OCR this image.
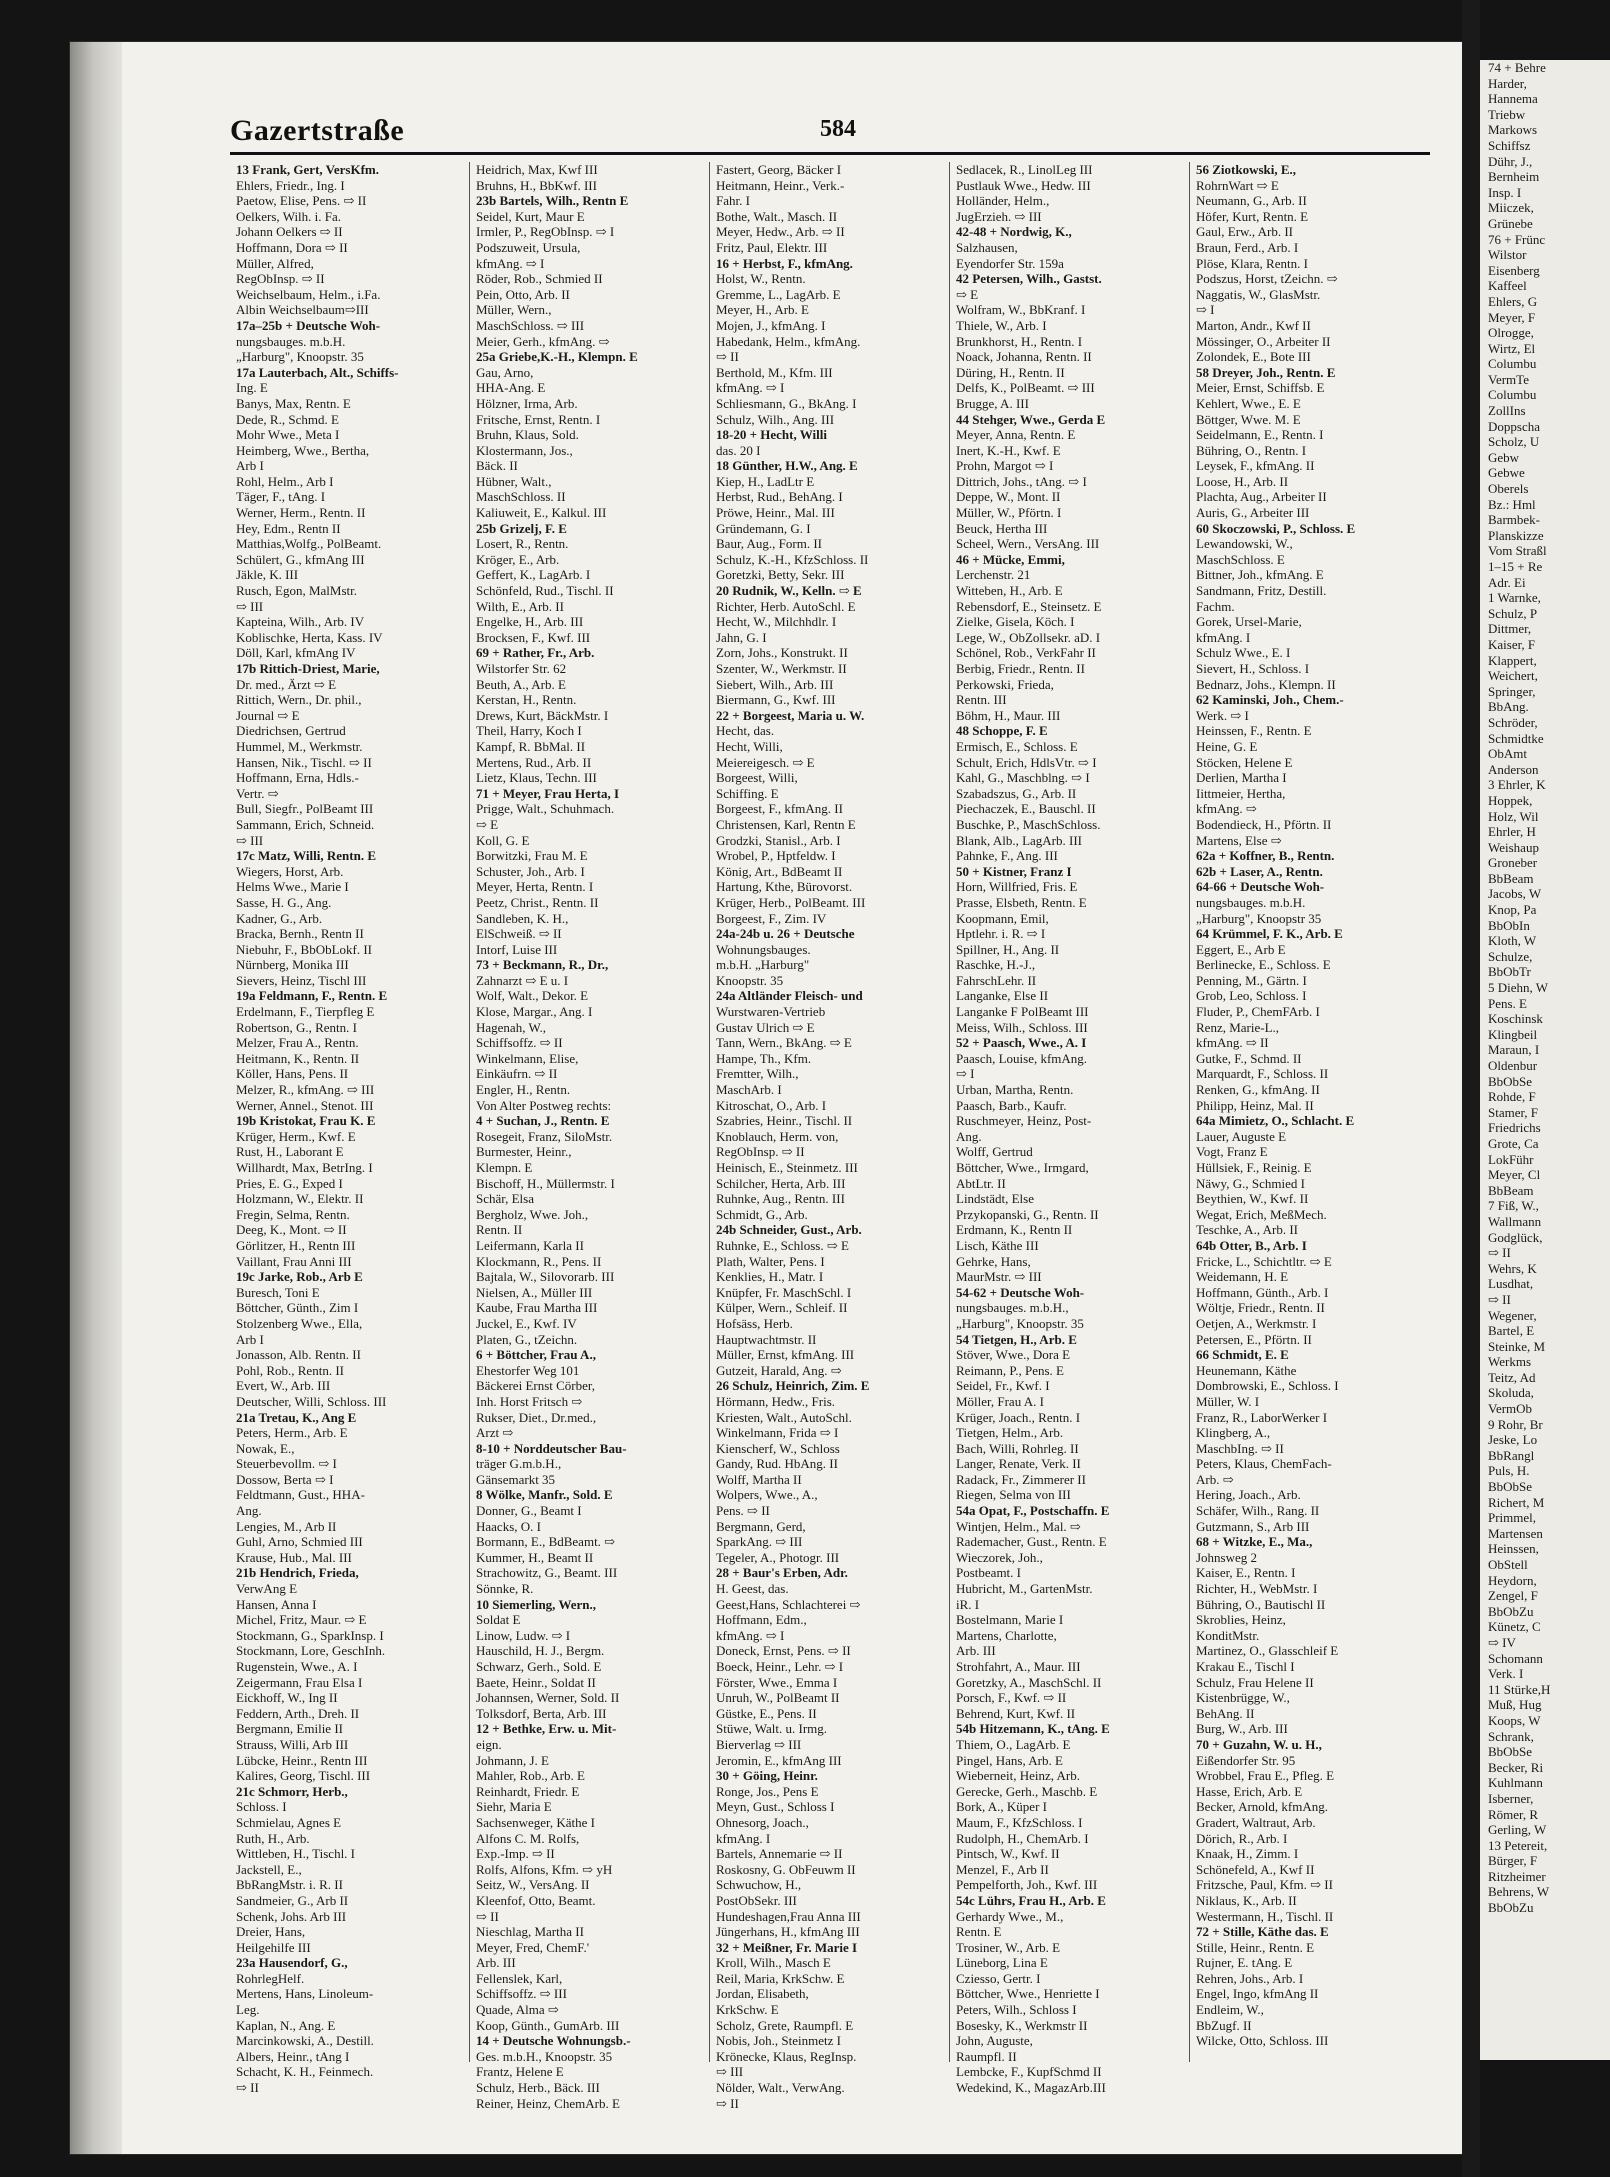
74 + Behre
Harder,
Hannema
Triebw
Markows
Schiffsz
Dühr, J.,
Bernheim
Insp. I
Miiczek,
Grünebe
76 + Frünc
Wilstor
Eisenberg
Kaffeel
Ehlers, G
Meyer, F
Olrogge,
Wirtz, El
Columbu
VermTe
Columbu
ZollIns
Doppscha
Scholz, U
Gebw
Gebwe
Oberels
Bz.: Hml
Barmbek-
Planskizze
Vom Straßl
1–15 + Re
Adr. Ei
1 Warnke,
Schulz, P
Dittmer,
Kaiser, F
Klappert,
Weichert,
Springer,
BbAng.
Schröder,
Schmidtke
ObAmt
Anderson
3 Ehrler, K
Hoppek,
Holz, Wil
Ehrler, H
Weishaup
Groneber
BbBeam
Jacobs, W
Knop, Pa
BbObIn
Kloth, W
Schulze,
BbObTr
5 Diehn, W
Pens. E
Koschinsk
Klingbeil
Maraun, I
Oldenbur
BbObSe
Rohde, F
Stamer, F
Friedrichs
Grote, Ca
LokFühr
Meyer, Cl
BbBeam
7 Fiß, W.,
Wallmann
Godglück,
⇨ II
Wehrs, K
Lusdhat,
⇨ II
Wegener,
Bartel, E
Steinke, M
Werkms
Teitz, Ad
Skoluda,
VermOb
9 Rohr, Br
Jeske, Lo
BbRangl
Puls, H.
BbObSe
Richert, M
Primmel,
Martensen
Heinssen,
ObStell
Heydorn,
Zengel, F
BbObZu
Künetz, C
⇨ IV
Schomann
Verk. I
11 Stürke,H
Muß, Hug
Koops, W
Schrank,
BbObSe
Becker, Ri
Kuhlmann
Isberner,
Römer, R
Gerling, W
13 Petereit,
Bürger, F
Ritzheimer
Behrens, W
BbObZu
Gazertstraße	584
13 Frank, Gert, VersKfm.
Ehlers, Friedr., Ing. I
Paetow, Elise, Pens. ⇨ II
Oelkers, Wilh. i. Fa.
Johann Oelkers ⇨ II
Hoffmann, Dora ⇨ II
Müller, Alfred,
RegObInsp. ⇨ II
Weichselbaum, Helm., i.Fa.
Albin Weichselbaum⇨III
17a–25b + Deutsche Woh-
nungsbauges. m.b.H.
„Harburg", Knoopstr. 35
17a Lauterbach, Alt., Schiffs-
Ing. E
Banys, Max, Rentn. E
Dede, R., Schmd. E
Mohr Wwe., Meta I
Heimberg, Wwe., Bertha,
Arb I
Rohl, Helm., Arb I
Täger, F., tAng. I
Werner, Herm., Rentn. II
Hey, Edm., Rentn II
Matthias,Wolfg., PolBeamt.
Schülert, G., kfmAng III
Jäkle, K. III
Rusch, Egon, MalMstr.
⇨ III
Kapteina, Wilh., Arb. IV
Koblischke, Herta, Kass. IV
Döll, Karl, kfmAng IV
17b Rittich-Driest, Marie,
Dr. med., Ärzt ⇨ E
Rittich, Wern., Dr. phil.,
Journal ⇨ E
Diedrichsen, Gertrud
Hummel, M., Werkmstr.
Hansen, Nik., Tischl. ⇨ II
Hoffmann, Erna, Hdls.-
Vertr. ⇨
Bull, Siegfr., PolBeamt III
Sammann, Erich, Schneid.
⇨ III
17c Matz, Willi, Rentn. E
Wiegers, Horst, Arb.
Helms Wwe., Marie I
Sasse, H. G., Ang.
Kadner, G., Arb.
Bracka, Bernh., Rentn II
Niebuhr, F., BbObLokf. II
Nürnberg, Monika III
Sievers, Heinz, Tischl III
19a Feldmann, F., Rentn. E
Erdelmann, F., Tierpfleg E
Robertson, G., Rentn. I
Melzer, Frau A., Rentn.
Heitmann, K., Rentn. II
Köller, Hans, Pens. II
Melzer, R., kfmAng. ⇨ III
Werner, Annel., Stenot. III
19b Kristokat, Frau K. E
Krüger, Herm., Kwf. E
Rust, H., Laborant E
Willhardt, Max, BetrIng. I
Pries, E. G., Exped I
Holzmann, W., Elektr. II
Fregin, Selma, Rentn.
Deeg, K., Mont. ⇨ II
Görlitzer, H., Rentn III
Vaillant, Frau Anni III
19c Jarke, Rob., Arb E
Buresch, Toni E
Böttcher, Günth., Zim I
Stolzenberg Wwe., Ella,
Arb I
Jonasson, Alb. Rentn. II
Pohl, Rob., Rentn. II
Evert, W., Arb. III
Deutscher, Willi, Schloss. III
21a Tretau, K., Ang E
Peters, Herm., Arb. E
Nowak, E.,
Steuerbevollm. ⇨ I
Dossow, Berta ⇨ I
Feldtmann, Gust., HHA-
Ang.
Lengies, M., Arb II
Guhl, Arno, Schmied III
Krause, Hub., Mal. III
21b Hendrich, Frieda,
VerwAng E
Hansen, Anna I
Michel, Fritz, Maur. ⇨ E
Stockmann, G., SparkInsp. I
Stockmann, Lore, GeschInh.
Rugenstein, Wwe., A. I
Zeigermann, Frau Elsa I
Eickhoff, W., Ing II
Feddern, Arth., Dreh. II
Bergmann, Emilie II
Strauss, Willi, Arb III
Lübcke, Heinr., Rentn III
Kalires, Georg, Tischl. III
21c Schmorr, Herb.,
Schloss. I
Schmielau, Agnes E
Ruth, H., Arb.
Wittleben, H., Tischl. I
Jackstell, E.,
BbRangMstr. i. R. II
Sandmeier, G., Arb II
Schenk, Johs. Arb III
Dreier, Hans,
Heilgehilfe III
23a Hausendorf, G.,
RohrlegHelf.
Mertens, Hans, Linoleum-
Leg.
Kaplan, N., Ang. E
Marcinkowski, A., Destill.
Albers, Heinr., tAng I
Schacht, K. H., Feinmech.
⇨ II
Heidrich, Max, Kwf III
Bruhns, H., BbKwf. III
23b Bartels, Wilh., Rentn E
Seidel, Kurt, Maur E
Irmler, P., RegObInsp. ⇨ I
Podszuweit, Ursula,
kfmAng. ⇨ I
Röder, Rob., Schmied II
Pein, Otto, Arb. II
Müller, Wern.,
MaschSchloss. ⇨ III
Meier, Gerh., kfmAng. ⇨
25a Griebe,K.-H., Klempn. E
Gau, Arno,
HHA-Ang. E
Hölzner, Irma, Arb.
Fritsche, Ernst, Rentn. I
Bruhn, Klaus, Sold.
Klostermann, Jos.,
Bäck. II
Hübner, Walt.,
MaschSchloss. II
Kaliuweit, E., Kalkul. III
25b Grizelj, F. E
Losert, R., Rentn.
Kröger, E., Arb.
Geffert, K., LagArb. I
Schönfeld, Rud., Tischl. II
Wilth, E., Arb. II
Engelke, H., Arb. III
Brocksen, F., Kwf. III
69 + Rather, Fr., Arb.
Wilstorfer Str. 62
Beuth, A., Arb. E
Kerstan, H., Rentn.
Drews, Kurt, BäckMstr. I
Theil, Harry, Koch I
Kampf, R. BbMal. II
Mertens, Rud., Arb. II
Lietz, Klaus, Techn. III
71 + Meyer, Frau Herta, I
Prigge, Walt., Schuhmach.
⇨ E
Koll, G. E
Borwitzki, Frau M. E
Schuster, Joh., Arb. I
Meyer, Herta, Rentn. I
Peetz, Christ., Rentn. II
Sandleben, K. H.,
ElSchweiß. ⇨ II
Intorf, Luise III
73 + Beckmann, R., Dr.,
Zahnarzt ⇨ E u. I
Wolf, Walt., Dekor. E
Klose, Margar., Ang. I
Hagenah, W.,
Schiffsoffz. ⇨ II
Winkelmann, Elise,
Einkäufrn. ⇨ II
Engler, H., Rentn.
Von Alter Postweg rechts:
4 + Suchan, J., Rentn. E
Rosegeit, Franz, SiloMstr.
Burmester, Heinr.,
Klempn. E
Bischoff, H., Müllermstr. I
Schär, Elsa
Bergholz, Wwe. Joh.,
Rentn. II
Leifermann, Karla II
Klockmann, R., Pens. II
Bajtala, W., Silovorarb. III
Nielsen, A., Müller III
Kaube, Frau Martha III
Juckel, E., Kwf. IV
Platen, G., tZeichn.
6 + Böttcher, Frau A.,
Ehestorfer Weg 101
Bäckerei Ernst Cörber,
Inh. Horst Fritsch ⇨
Rukser, Diet., Dr.med.,
Arzt ⇨
8-10 + Norddeutscher Bau-
träger G.m.b.H.,
Gänsemarkt 35
8 Wölke, Manfr., Sold. E
Donner, G., Beamt I
Haacks, O. I
Bormann, E., BdBeamt. ⇨
Kummer, H., Beamt II
Strachowitz, G., Beamt. III
Sönnke, R.
10 Siemerling, Wern.,
Soldat E
Linow, Ludw. ⇨ I
Hauschild, H. J., Bergm.
Schwarz, Gerh., Sold. E
Baete, Heinr., Soldat II
Johannsen, Werner, Sold. II
Tolksdorf, Berta, Arb. III
12 + Bethke, Erw. u. Mit-
eign.
Johmann, J. E
Mahler, Rob., Arb. E
Reinhardt, Friedr. E
Siehr, Maria E
Sachsenweger, Käthe I
Alfons C. M. Rolfs,
Exp.-Imp. ⇨ II
Rolfs, Alfons, Kfm. ⇨ yH
Seitz, W., VersAng. II
Kleenfof, Otto, Beamt.
⇨ II
Nieschlag, Martha II
Meyer, Fred, ChemF.'
Arb. III
Fellenslek, Karl,
Schiffsoffz. ⇨ III
Quade, Alma ⇨
Koop, Günth., GumArb. III
14 + Deutsche Wohnungsb.-
Ges. m.b.H., Knoopstr. 35
Frantz, Helene E
Schulz, Herb., Bäck. III
Reiner, Heinz, ChemArb. E
Fastert, Georg, Bäcker I
Heitmann, Heinr., Verk.-
Fahr. I
Bothe, Walt., Masch. II
Meyer, Hedw., Arb. ⇨ II
Fritz, Paul, Elektr. III
16 + Herbst, F., kfmAng.
Holst, W., Rentn.
Gremme, L., LagArb. E
Meyer, H., Arb. E
Mojen, J., kfmAng. I
Habedank, Helm., kfmAng.
⇨ II
Berthold, M., Kfm. III
kfmAng. ⇨ I
Schliesmann, G., BkAng. I
Schulz, Wilh., Ang. III
18-20 + Hecht, Willi
das. 20 I
18 Günther, H.W., Ang. E
Kiep, H., LadLtr E
Herbst, Rud., BehAng. I
Pröwe, Heinr., Mal. III
Gründemann, G. I
Baur, Aug., Form. II
Schulz, K.-H., KfzSchloss. II
Goretzki, Betty, Sekr. III
20 Rudnik, W., Kelln. ⇨ E
Richter, Herb. AutoSchl. E
Hecht, W., Milchhdlr. I
Jahn, G. I
Zorn, Johs., Konstrukt. II
Szenter, W., Werkmstr. II
Siebert, Wilh., Arb. III
Biermann, G., Kwf. III
22 + Borgeest, Maria u. W.
Hecht, das.
Hecht, Willi,
Meiereigesch. ⇨ E
Borgeest, Willi,
Schiffing. E
Borgeest, F., kfmAng. II
Christensen, Karl, Rentn E
Grodzki, Stanisl., Arb. I
Wrobel, P., Hptfeldw. I
König, Art., BdBeamt II
Hartung, Kthe, Bürovorst.
Krüger, Herb., PolBeamt. III
Borgeest, F., Zim. IV
24a-24b u. 26 + Deutsche
Wohnungsbauges.
m.b.H. „Harburg"
Knoopstr. 35
24a Altländer Fleisch- und
Wurstwaren-Vertrieb
Gustav Ulrich ⇨ E
Tann, Wern., BkAng. ⇨ E
Hampe, Th., Kfm.
Fremtter, Wilh.,
MaschArb. I
Kitroschat, O., Arb. I
Szabries, Heinr., Tischl. II
Knoblauch, Herm. von,
RegObInsp. ⇨ II
Heinisch, E., Steinmetz. III
Schilcher, Herta, Arb. III
Ruhnke, Aug., Rentn. III
Schmidt, G., Arb.
24b Schneider, Gust., Arb.
Ruhnke, E., Schloss. ⇨ E
Plath, Walter, Pens. I
Kenklies, H., Matr. I
Knüpfer, Fr. MaschSchl. I
Külper, Wern., Schleif. II
Hofsäss, Herb.
Hauptwachtmstr. II
Müller, Ernst, kfmAng. III
Gutzeit, Harald, Ang. ⇨
26 Schulz, Heinrich, Zim. E
Hörmann, Hedw., Fris.
Kriesten, Walt., AutoSchl.
Winkelmann, Frida ⇨ I
Kienscherf, W., Schloss
Gandy, Rud. HbAng. II
Wolff, Martha II
Wolpers, Wwe., A.,
Pens. ⇨ II
Bergmann, Gerd,
SparkAng. ⇨ III
Tegeler, A., Photogr. III
28 + Baur's Erben, Adr.
H. Geest, das.
Geest,Hans, Schlachterei ⇨
Hoffmann, Edm.,
kfmAng. ⇨ I
Doneck, Ernst, Pens. ⇨ II
Boeck, Heinr., Lehr. ⇨ I
Förster, Wwe., Emma I
Unruh, W., PolBeamt II
Güstke, E., Pens. II
Stüwe, Walt. u. Irmg.
Bierverlag ⇨ III
Jeromin, E., kfmAng III
30 + Göing, Heinr.
Ronge, Jos., Pens E
Meyn, Gust., Schloss I
Ohnesorg, Joach.,
kfmAng. I
Bartels, Annemarie ⇨ II
Roskosny, G. ObFeuwm II
Schwuchow, H.,
PostObSekr. III
Hundeshagen,Frau Anna III
Jüngerhans, H., kfmAng III
32 + Meißner, Fr. Marie I
Kroll, Wilh., Masch E
Reil, Maria, KrkSchw. E
Jordan, Elisabeth,
KrkSchw. E
Scholz, Grete, Raumpfl. E
Nobis, Joh., Steinmetz I
Krönecke, Klaus, RegInsp.
⇨ III
Nölder, Walt., VerwAng.
⇨ II
Sedlacek, R., LinolLeg III
Pustlauk Wwe., Hedw. III
Holländer, Helm.,
JugErzieh. ⇨ III
42-48 + Nordwig, K.,
Salzhausen,
Eyendorfer Str. 159a
42 Petersen, Wilh., Gastst.
⇨ E
Wolfram, W., BbKranf. I
Thiele, W., Arb. I
Brunkhorst, H., Rentn. I
Noack, Johanna, Rentn. II
Düring, H., Rentn. II
Delfs, K., PolBeamt. ⇨ III
Brugge, A. III
44 Stehger, Wwe., Gerda E
Meyer, Anna, Rentn. E
Inert, K.-H., Kwf. E
Prohn, Margot ⇨ I
Dittrich, Johs., tAng. ⇨ I
Deppe, W., Mont. II
Müller, W., Pförtn. I
Beuck, Hertha III
Scheel, Wern., VersAng. III
46 + Mücke, Emmi,
Lerchenstr. 21
Witteben, H., Arb. E
Rebensdorf, E., Steinsetz. E
Zielke, Gisela, Köch. I
Lege, W., ObZollsekr. aD. I
Schönel, Rob., VerkFahr II
Berbig, Friedr., Rentn. II
Perkowski, Frieda,
Rentn. III
Böhm, H., Maur. III
48 Schoppe, F. E
Ermisch, E., Schloss. E
Schult, Erich, HdlsVtr. ⇨ I
Kahl, G., Maschblng. ⇨ I
Szabadszus, G., Arb. II
Piechaczek, E., Bauschl. II
Buschke, P., MaschSchloss.
Blank, Alb., LagArb. III
Pahnke, F., Ang. III
50 + Kistner, Franz I
Horn, Willfried, Fris. E
Prasse, Elsbeth, Rentn. E
Koopmann, Emil,
Hptlehr. i. R. ⇨ I
Spillner, H., Ang. II
Raschke, H.-J.,
FahrschLehr. II
Langanke, Else II
Langanke F PolBeamt III
Meiss, Wilh., Schloss. III
52 + Paasch, Wwe., A. I
Paasch, Louise, kfmAng.
⇨ I
Urban, Martha, Rentn.
Paasch, Barb., Kaufr.
Ruschmeyer, Heinz, Post-
Ang.
Wolff, Gertrud
Böttcher, Wwe., Irmgard,
AbtLtr. II
Lindstädt, Else
Przykopanski, G., Rentn. II
Erdmann, K., Rentn II
Lisch, Käthe III
Gehrke, Hans,
MaurMstr. ⇨ III
54-62 + Deutsche Woh-
nungsbauges. m.b.H.,
„Harburg", Knoopstr. 35
54 Tietgen, H., Arb. E
Stöver, Wwe., Dora E
Reimann, P., Pens. E
Seidel, Fr., Kwf. I
Möller, Frau A. I
Krüger, Joach., Rentn. I
Tietgen, Helm., Arb.
Bach, Willi, Rohrleg. II
Langer, Renate, Verk. II
Radack, Fr., Zimmerer II
Riegen, Selma von III
54a Opat, F., Postschaffn. E
Wintjen, Helm., Mal. ⇨
Rademacher, Gust., Rentn. E
Wieczorek, Joh.,
Postbeamt. I
Hubricht, M., GartenMstr.
iR. I
Bostelmann, Marie I
Martens, Charlotte,
Arb. III
Strohfahrt, A., Maur. III
Goretzky, A., MaschSchl. II
Porsch, F., Kwf. ⇨ II
Behrend, Kurt, Kwf. II
54b Hitzemann, K., tAng. E
Thiem, O., LagArb. E
Pingel, Hans, Arb. E
Wieberneit, Heinz, Arb.
Gerecke, Gerh., Maschb. E
Bork, A., Küper I
Maum, F., KfzSchloss. I
Rudolph, H., ChemArb. I
Pintsch, W., Kwf. II
Menzel, F., Arb II
Pempelforth, Joh., Kwf. III
54c Lührs, Frau H., Arb. E
Gerhardy Wwe., M.,
Rentn. E
Trosiner, W., Arb. E
Lüneborg, Lina E
Cziesso, Gertr. I
Böttcher, Wwe., Henriette I
Peters, Wilh., Schloss I
Bosesky, K., Werkmstr II
John, Auguste,
Raumpfl. II
Lembcke, F., KupfSchmd II
Wedekind, K., MagazArb.III
56 Ziotkowski, E.,
RohrnWart ⇨ E
Neumann, G., Arb. II
Höfer, Kurt, Rentn. E
Gaul, Erw., Arb. II
Braun, Ferd., Arb. I
Plöse, Klara, Rentn. I
Podszus, Horst, tZeichn. ⇨
Naggatis, W., GlasMstr.
⇨ I
Marton, Andr., Kwf II
Mössinger, O., Arbeiter II
Zolondek, E., Bote III
58 Dreyer, Joh., Rentn. E
Meier, Ernst, Schiffsb. E
Kehlert, Wwe., E. E
Böttger, Wwe. M. E
Seidelmann, E., Rentn. I
Bühring, O., Rentn. I
Leysek, F., kfmAng. II
Loose, H., Arb. II
Plachta, Aug., Arbeiter II
Auris, G., Arbeiter III
60 Skoczowski, P., Schloss. E
Lewandowski, W.,
MaschSchloss. E
Bittner, Joh., kfmAng. E
Sandmann, Fritz, Destill.
Fachm.
Gorek, Ursel-Marie,
kfmAng. I
Schulz Wwe., E. I
Sievert, H., Schloss. I
Bednarz, Johs., Klempn. II
62 Kaminski, Joh., Chem.-
Werk. ⇨ I
Heinssen, F., Rentn. E
Heine, G. E
Stöcken, Helene E
Derlien, Martha I
Iittmeier, Hertha,
kfmAng. ⇨
Bodendieck, H., Pförtn. II
Martens, Else ⇨
62a + Koffner, B., Rentn.
62b + Laser, A., Rentn.
64-66 + Deutsche Woh-
nungsbauges. m.b.H.
„Harburg", Knoopstr 35
64 Krümmel, F. K., Arb. E
Eggert, E., Arb E
Berlinecke, E., Schloss. E
Penning, M., Gärtn. I
Grob, Leo, Schloss. I
Fluder, P., ChemFArb. I
Renz, Marie-L.,
kfmAng. ⇨ II
Gutke, F., Schmd. II
Marquardt, F., Schloss. II
Renken, G., kfmAng. II
Philipp, Heinz, Mal. II
64a Mimietz, O., Schlacht. E
Lauer, Auguste E
Vogt, Franz E
Hüllsiek, F., Reinig. E
Näwy, G., Schmied I
Beythien, W., Kwf. II
Wegat, Erich, MeßMech.
Teschke, A., Arb. II
64b Otter, B., Arb. I
Fricke, L., Schichtltr. ⇨ E
Weidemann, H. E
Hoffmann, Günth., Arb. I
Wöltje, Friedr., Rentn. II
Oetjen, A., Werkmstr. I
Petersen, E., Pförtn. II
66 Schmidt, E. E
Heunemann, Käthe
Dombrowski, E., Schloss. I
Müller, W. I
Franz, R., LaborWerker I
Klingberg, A.,
MaschbIng. ⇨ II
Peters, Klaus, ChemFach-
Arb. ⇨
Hering, Joach., Arb.
Schäfer, Wilh., Rang. II
Gutzmann, S., Arb III
68 + Witzke, E., Ma.,
Johnsweg 2
Kaiser, E., Rentn. I
Richter, H., WebMstr. I
Bühring, O., Bautischl II
Skroblies, Heinz,
KonditMstr.
Martinez, O., Glasschleif E
Krakau E., Tischl I
Schulz, Frau Helene II
Kistenbrügge, W.,
BehAng. II
Burg, W., Arb. III
70 + Guzahn, W. u. H.,
Eißendorfer Str. 95
Wrobbel, Frau E., Pfleg. E
Hasse, Erich, Arb. E
Becker, Arnold, kfmAng.
Gradert, Waltraut, Arb.
Dörich, R., Arb. I
Knaak, H., Zimm. I
Schönefeld, A., Kwf II
Fritzsche, Paul, Kfm. ⇨ II
Niklaus, K., Arb. II
Westermann, H., Tischl. II
72 + Stille, Käthe das. E
Stille, Heinr., Rentn. E
Rujner, E. tAng. E
Rehren, Johs., Arb. I
Engel, Ingo, kfmAng II
Endleim, W.,
BbZugf. II
Wilcke, Otto, Schloss. III
